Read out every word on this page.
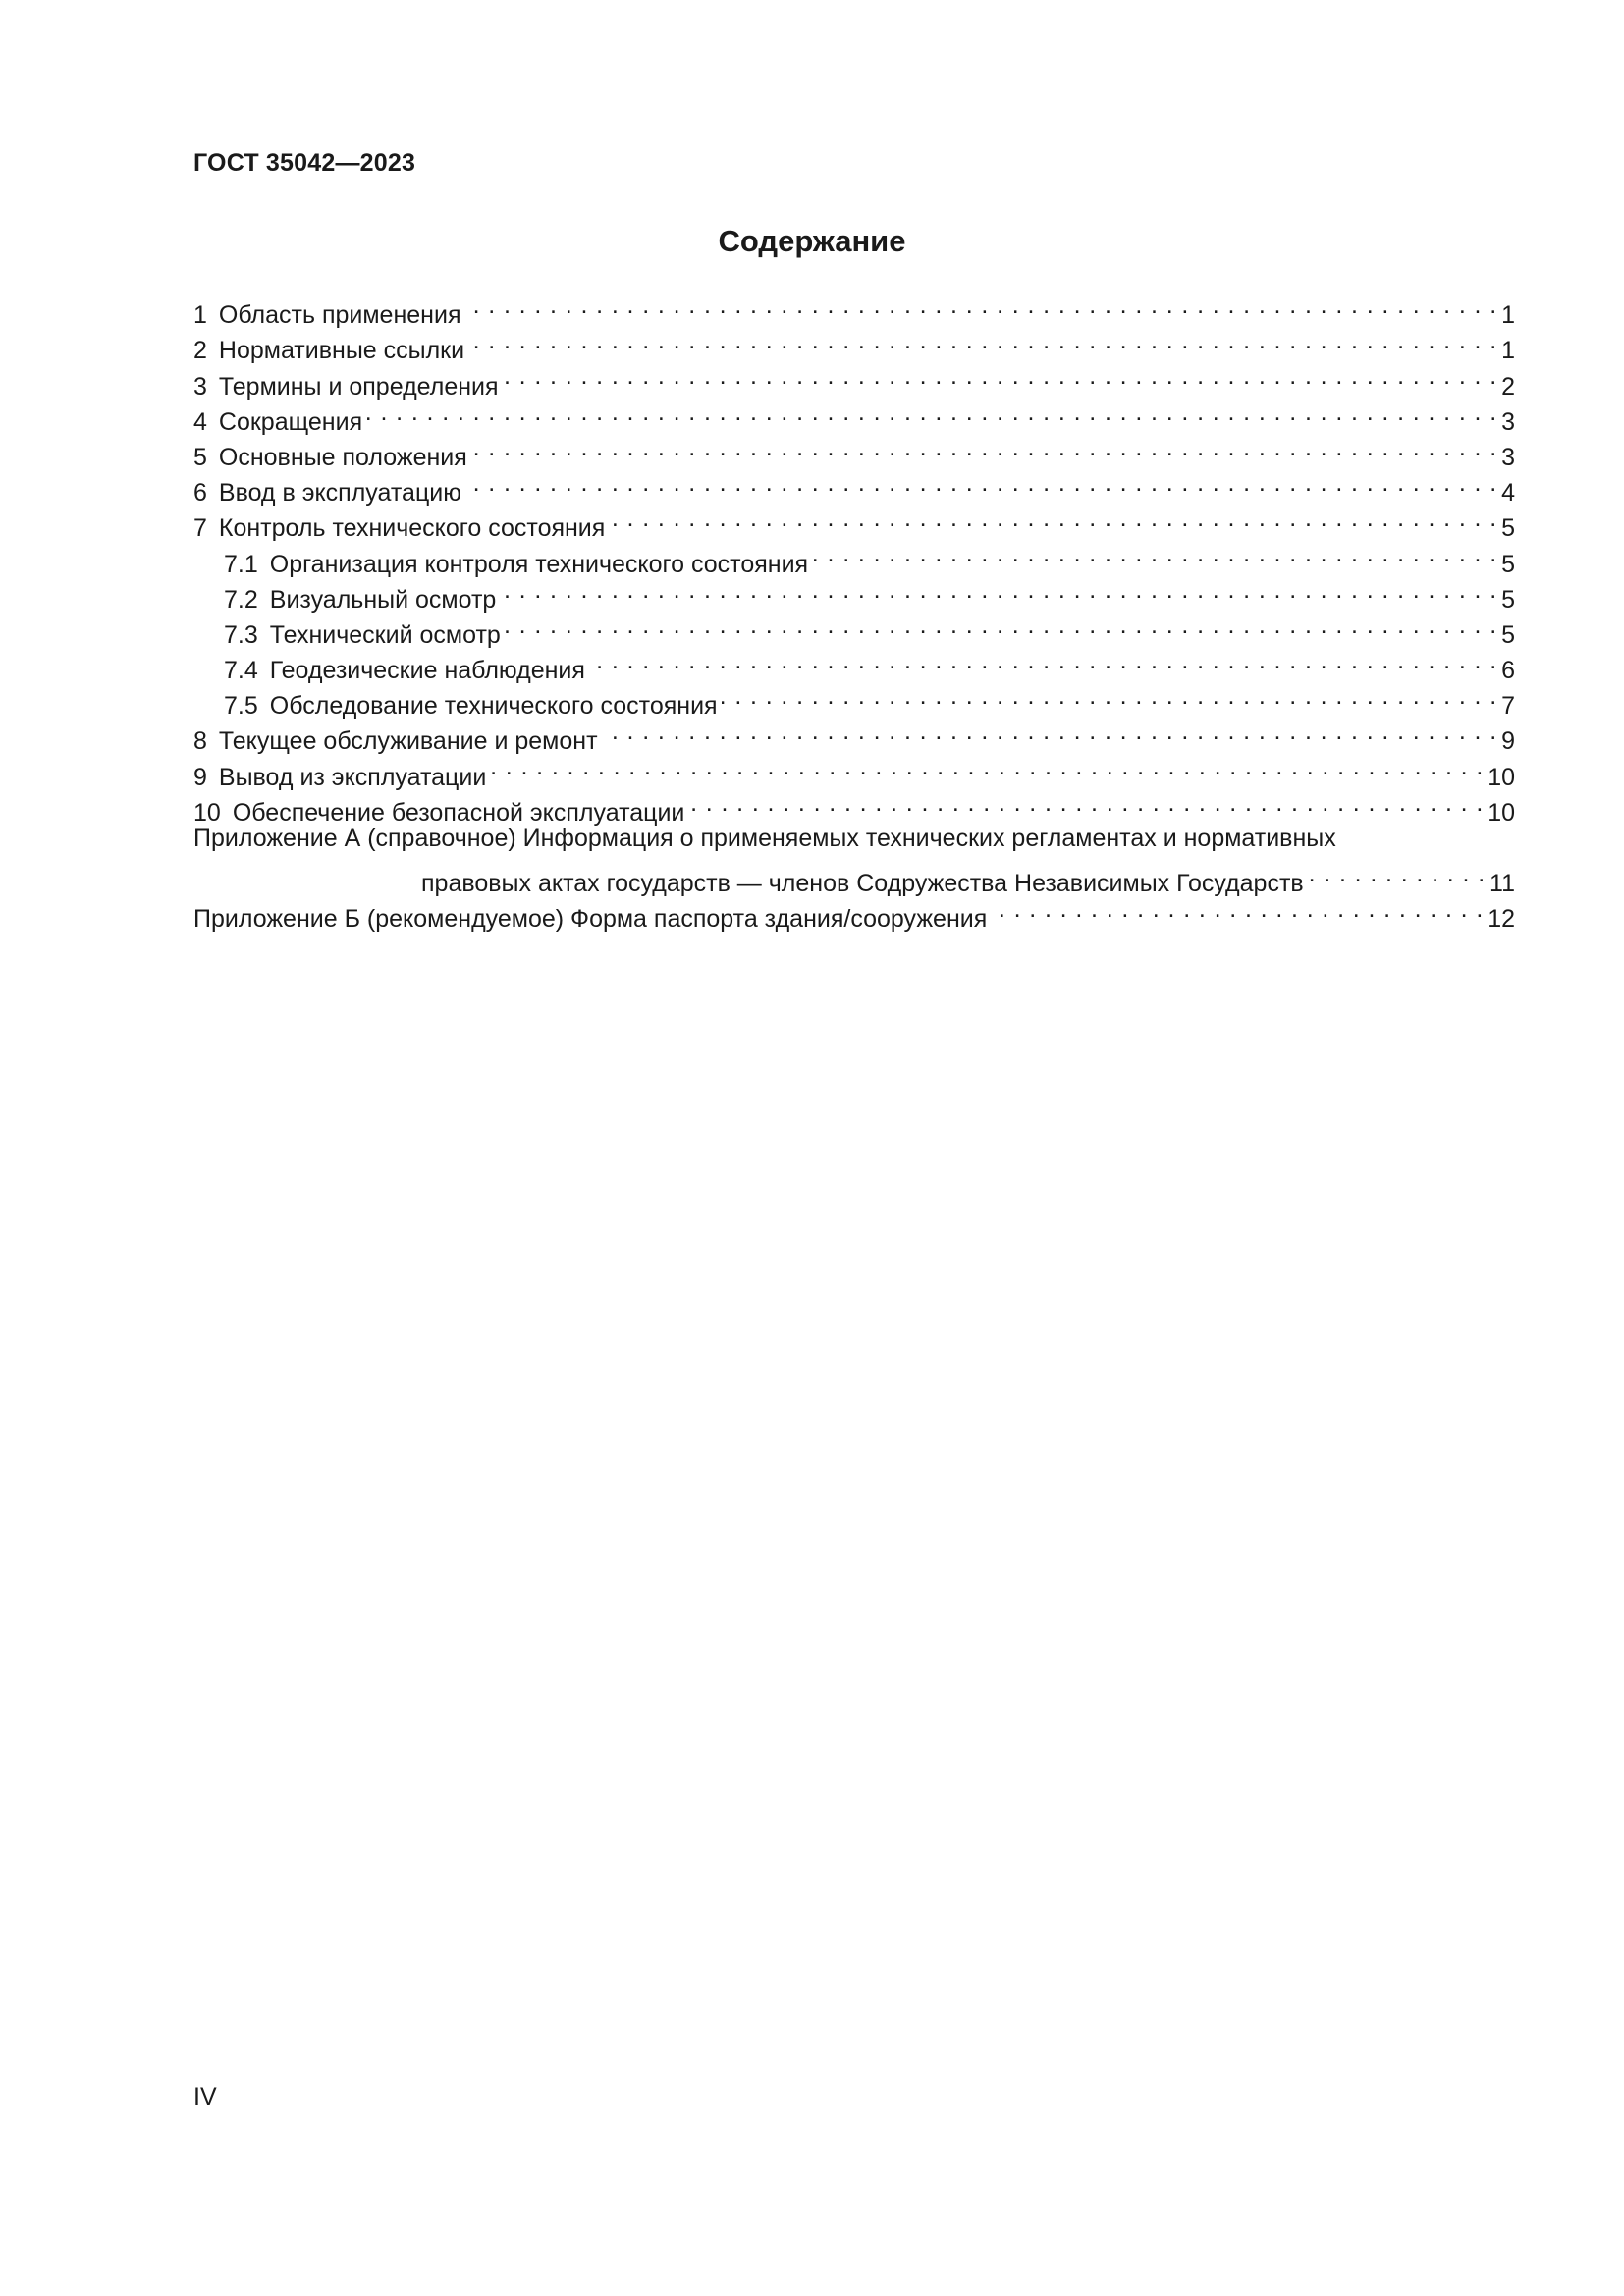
ГОСТ 35042—2023
Содержание
1 Область применения . . .	1
2 Нормативные ссылки . . .	1
3 Термины и определения . . .	2
4 Сокращения . . .	3
5 Основные положения . . .	3
6 Ввод в эксплуатацию . . .	4
7 Контроль технического состояния . . .	5
7.1 Организация контроля технического состояния . . .	5
7.2 Визуальный осмотр . . .	5
7.3 Технический осмотр . . .	5
7.4 Геодезические наблюдения . . .	6
7.5 Обследование технического состояния . . .	7
8 Текущее обслуживание и ремонт . . .	9
9 Вывод из эксплуатации . . .	10
10 Обеспечение безопасной эксплуатации . . .	10
Приложение А (справочное) Информация о применяемых технических регламентах и нормативных
правовых актах государств — членов Содружества Независимых Государств . . .	11
Приложение Б (рекомендуемое) Форма паспорта здания/сооружения . . .	12
IV
